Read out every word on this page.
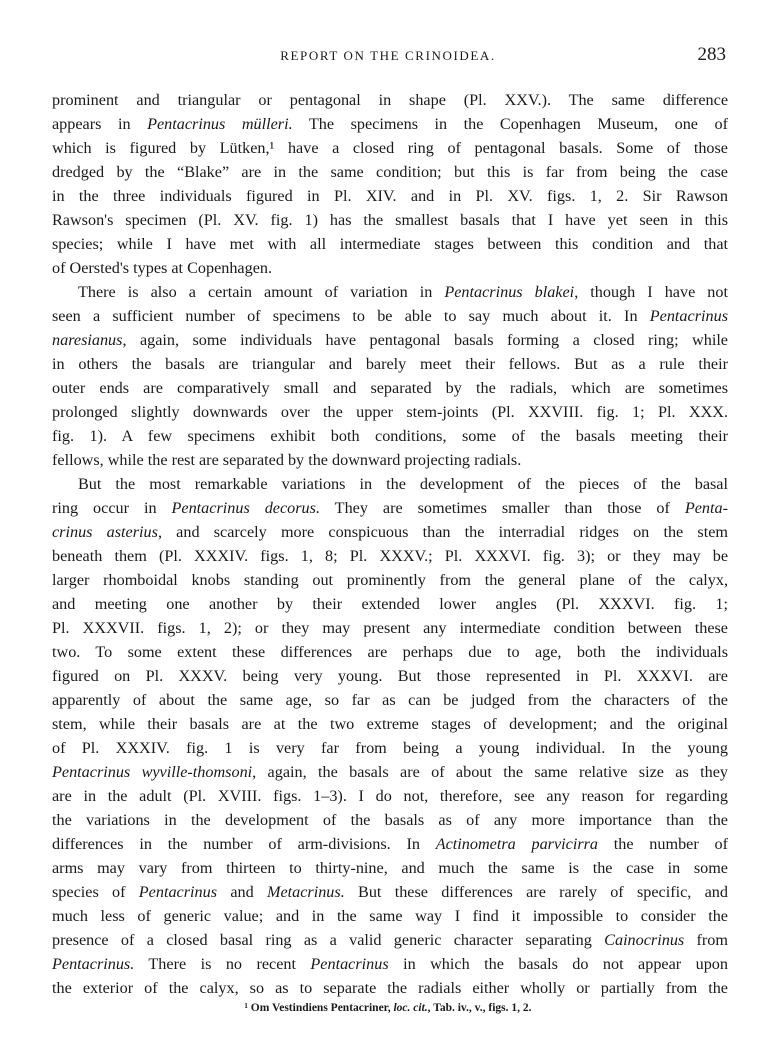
REPORT ON THE CRINOIDEA.	283
prominent and triangular or pentagonal in shape (Pl. XXV.). The same difference
appears in Pentacrinus mülleri. The specimens in the Copenhagen Museum, one of
which is figured by Lütken,¹ have a closed ring of pentagonal basals. Some of those
dredged by the “Blake” are in the same condition; but this is far from being the case
in the three individuals figured in Pl. XIV. and in Pl. XV. figs. 1, 2. Sir Rawson
Rawson's specimen (Pl. XV. fig. 1) has the smallest basals that I have yet seen in this
species; while I have met with all intermediate stages between this condition and that
of Oersted's types at Copenhagen.
There is also a certain amount of variation in Pentacrinus blakei, though I have not
seen a sufficient number of specimens to be able to say much about it. In Pentacrinus
naresianus, again, some individuals have pentagonal basals forming a closed ring; while
in others the basals are triangular and barely meet their fellows. But as a rule their
outer ends are comparatively small and separated by the radials, which are sometimes
prolonged slightly downwards over the upper stem-joints (Pl. XXVIII. fig. 1; Pl. XXX.
fig. 1). A few specimens exhibit both conditions, some of the basals meeting their
fellows, while the rest are separated by the downward projecting radials.
But the most remarkable variations in the development of the pieces of the basal
ring occur in Pentacrinus decorus. They are sometimes smaller than those of Penta-
crinus asterius, and scarcely more conspicuous than the interradial ridges on the stem
beneath them (Pl. XXXIV. figs. 1, 8; Pl. XXXV.; Pl. XXXVI. fig. 3); or they may be
larger rhomboidal knobs standing out prominently from the general plane of the calyx,
and meeting one another by their extended lower angles (Pl. XXXVI. fig. 1;
Pl. XXXVII. figs. 1, 2); or they may present any intermediate condition between these
two. To some extent these differences are perhaps due to age, both the individuals
figured on Pl. XXXV. being very young. But those represented in Pl. XXXVI. are
apparently of about the same age, so far as can be judged from the characters of the
stem, while their basals are at the two extreme stages of development; and the original
of Pl. XXXIV. fig. 1 is very far from being a young individual. In the young
Pentacrinus wyville-thomsoni, again, the basals are of about the same relative size as they
are in the adult (Pl. XVIII. figs. 1–3). I do not, therefore, see any reason for regarding
the variations in the development of the basals as of any more importance than the
differences in the number of arm-divisions. In Actinometra parvicirra the number of
arms may vary from thirteen to thirty-nine, and much the same is the case in some
species of Pentacrinus and Metacrinus. But these differences are rarely of specific, and
much less of generic value; and in the same way I find it impossible to consider the
presence of a closed basal ring as a valid generic character separating Cainocrinus from
Pentacrinus. There is no recent Pentacrinus in which the basals do not appear upon
the exterior of the calyx, so as to separate the radials either wholly or partially from the
¹ Om Vestindiens Pentacriner, loc. cit., Tab. iv., v., figs. 1, 2.
